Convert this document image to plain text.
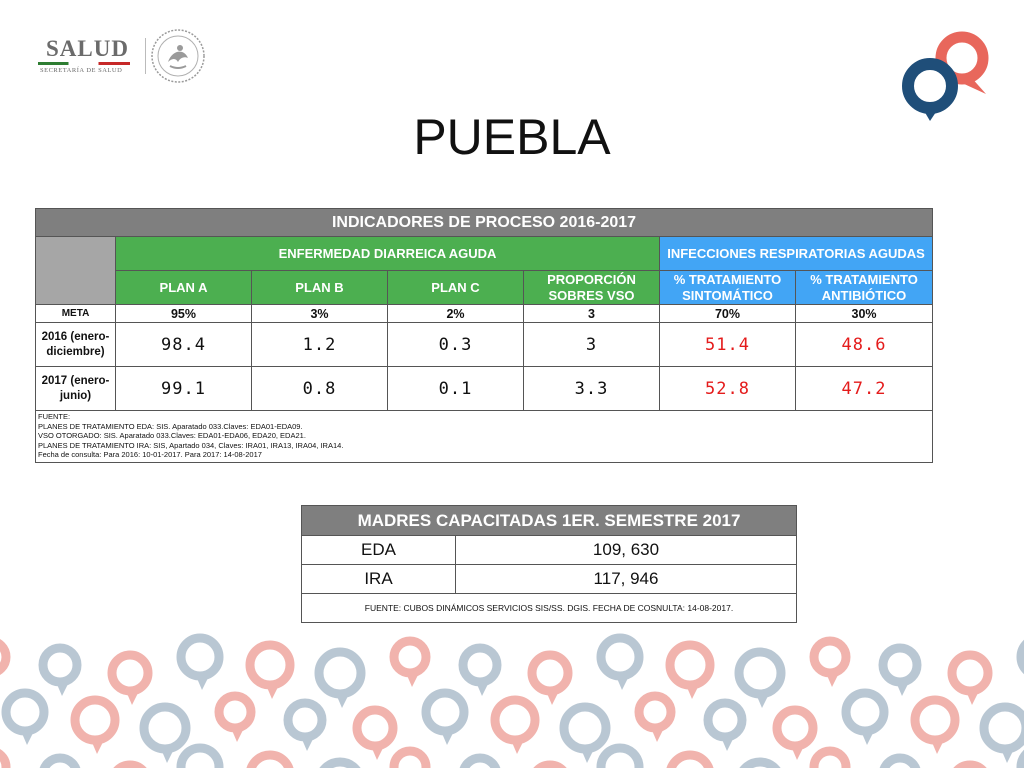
SALUD
SECRETARÍA DE SALUD
PUEBLA
INDICADORES DE PROCESO 2016-2017						
	ENFERMEDAD DIARREICA AGUDA				INFECCIONES RESPIRATORIAS AGUDAS	
	PLAN A	PLAN B	PLAN C	PROPORCIÓN SOBRES VSO	% TRATAMIENTO SINTOMÁTICO	% TRATAMIENTO ANTIBIÓTICO
META	95%	3%	2%	3	70%	30%
2016 (enero-diciembre)	98.4	1.2	0.3	3	51.4	48.6
2017 (enero-junio)	99.1	0.8	0.1	3.3	52.8	47.2

FUENTE:
PLANES DE TRATAMIENTO EDA: SIS. Aparatado 033.Claves: EDA01-EDA09.
VSO OTORGADO: SIS. Aparatado 033.Claves: EDA01-EDA06, EDA20, EDA21.
PLANES DE TRATAMIENTO IRA: SIS, Apartado 034, Claves: IRA01, IRA13, IRA04, IRA14.
Fecha de consulta: Para 2016: 10-01-2017. Para 2017: 14-08-2017						
MADRES CAPACITADAS 1ER. SEMESTRE 2017	
EDA	109, 630
IRA	117, 946
FUENTE: CUBOS DINÁMICOS SERVICIOS SIS/SS. DGIS. FECHA DE COSNULTA: 14-08-2017.	
